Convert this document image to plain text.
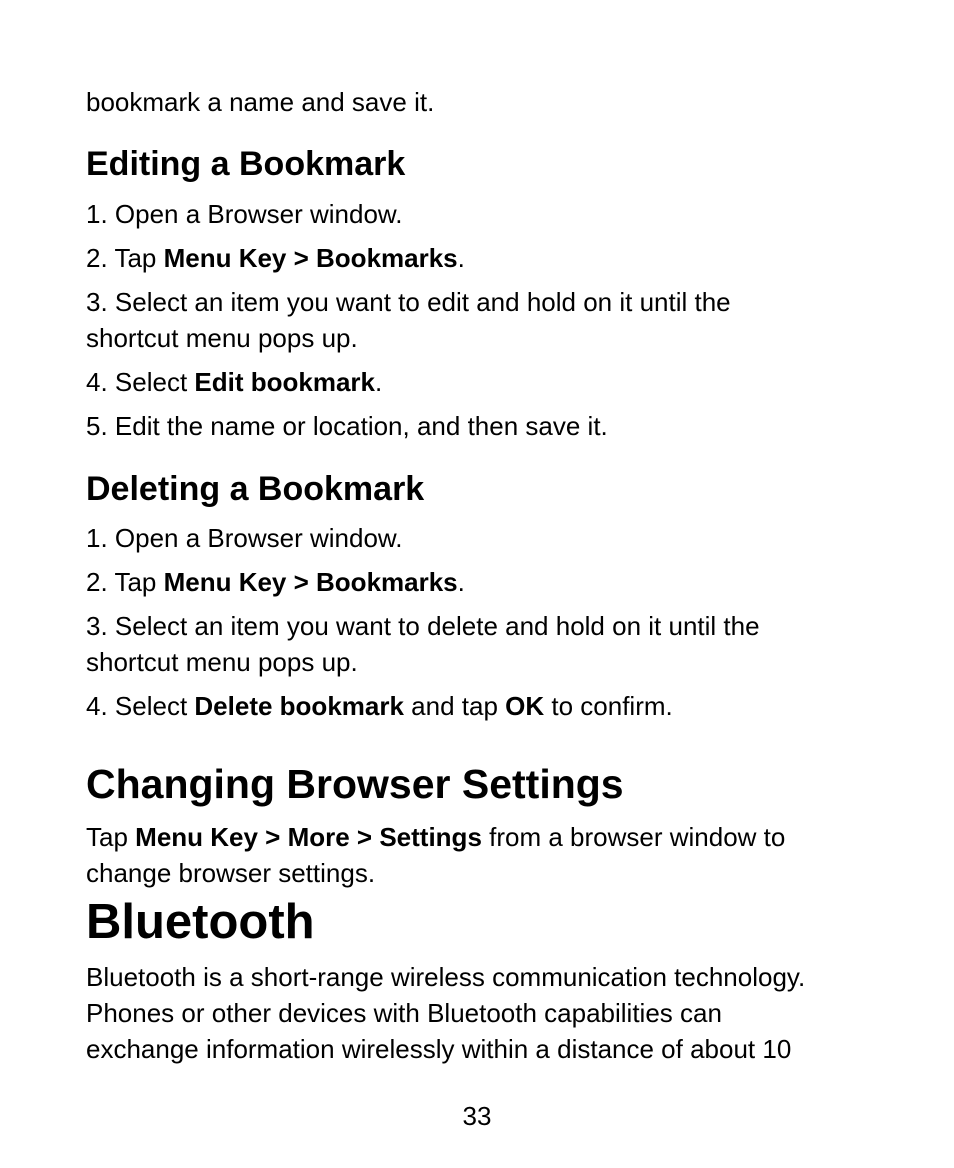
bookmark a name and save it.

Editing a Bookmark

1. Open a Browser window.

2. Tap Menu Key > Bookmarks.

3. Select an item you want to edit and hold on it until the
shortcut menu pops up.

4. Select Edit bookmark.

5. Edit the name or location, and then save it.

Deleting a Bookmark

1. Open a Browser window.

2. Tap Menu Key > Bookmarks.

3. Select an item you want to delete and hold on it until the
shortcut menu pops up.

4. Select Delete bookmark and tap OK to confirm.

Changing Browser Settings

Tap Menu Key > More > Settings from a browser window to
change browser settings.

Bluetooth

Bluetooth is a short-range wireless communication technology.
Phones or other devices with Bluetooth capabilities can
exchange information wirelessly within a distance of about 10

33
